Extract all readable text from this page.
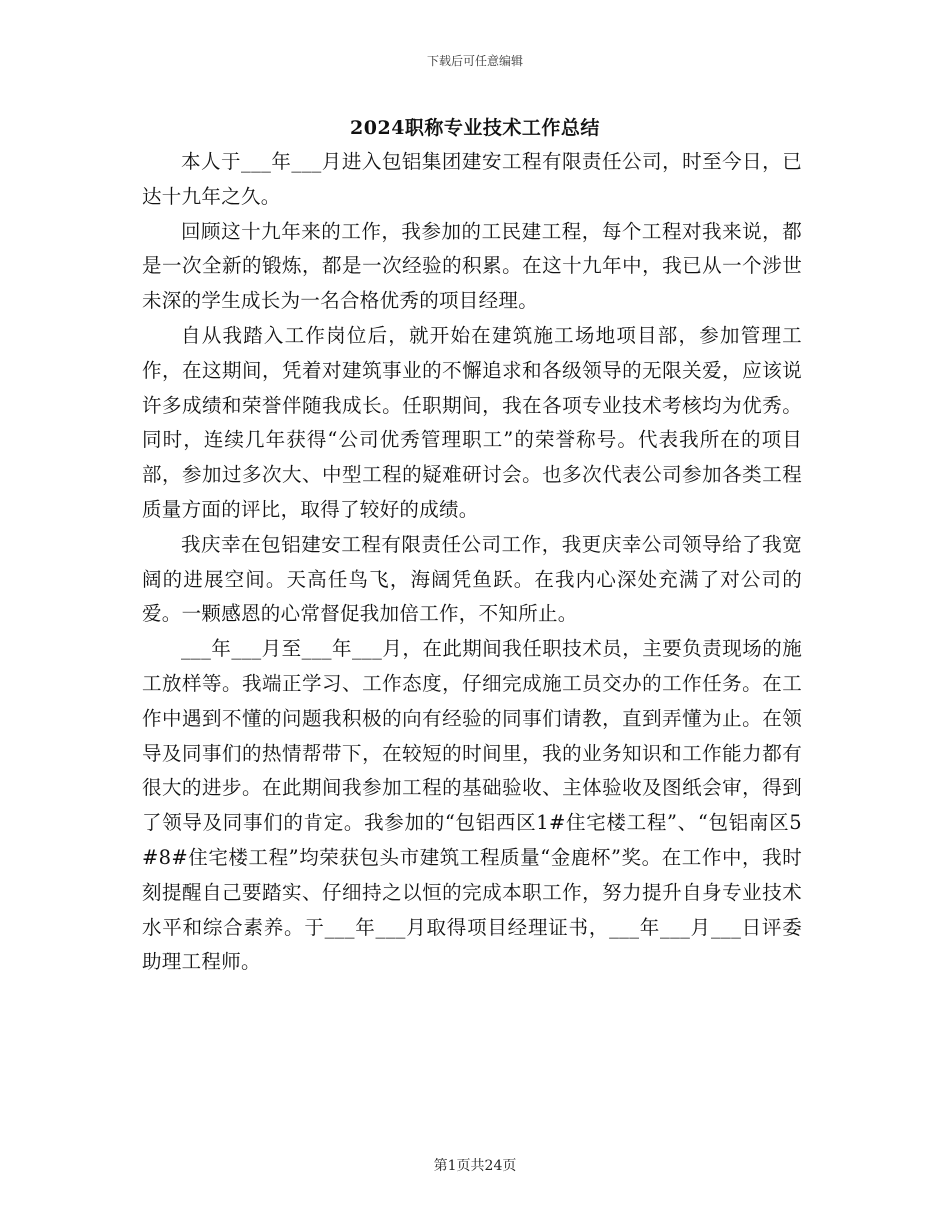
下载后可任意编辑
2024职称专业技术工作总结

本人于___年___月进入包铝集团建安工程有限责任公司，时至今日，已达十九年之久。

回顾这十九年来的工作，我参加的工民建工程，每个工程对我来说，都是一次全新的锻炼，都是一次经验的积累。在这十九年中，我已从一个涉世未深的学生成长为一名合格优秀的项目经理。

自从我踏入工作岗位后，就开始在建筑施工场地项目部，参加管理工作，在这期间，凭着对建筑事业的不懈追求和各级领导的无限关爱，应该说许多成绩和荣誉伴随我成长。任职期间，我在各项专业技术考核均为优秀。同时，连续几年获得“公司优秀管理职工”的荣誉称号。代表我所在的项目部，参加过多次大、中型工程的疑难研讨会。也多次代表公司参加各类工程质量方面的评比，取得了较好的成绩。

我庆幸在包铝建安工程有限责任公司工作，我更庆幸公司领导给了我宽阔的进展空间。天高任鸟飞，海阔凭鱼跃。在我内心深处充满了对公司的爱。一颗感恩的心常督促我加倍工作，不知所止。

___年___月至___年___月，在此期间我任职技术员，主要负责现场的施工放样等。我端正学习、工作态度，仔细完成施工员交办的工作任务。在工作中遇到不懂的问题我积极的向有经验的同事们请教，直到弄懂为止。在领导及同事们的热情帮带下，在较短的时间里，我的业务知识和工作能力都有很大的进步。在此期间我参加工程的基础验收、主体验收及图纸会审，得到了领导及同事们的肯定。我参加的“包铝西区1#住宅楼工程”、“包铝南区5#8#住宅楼工程”均荣获包头市建筑工程质量“金鹿杯”奖。在工作中，我时刻提醒自己要踏实、仔细持之以恒的完成本职工作，努力提升自身专业技术水平和综合素养。于___年___月取得项目经理证书，___年___月___日评委助理工程师。

第1页共24页
